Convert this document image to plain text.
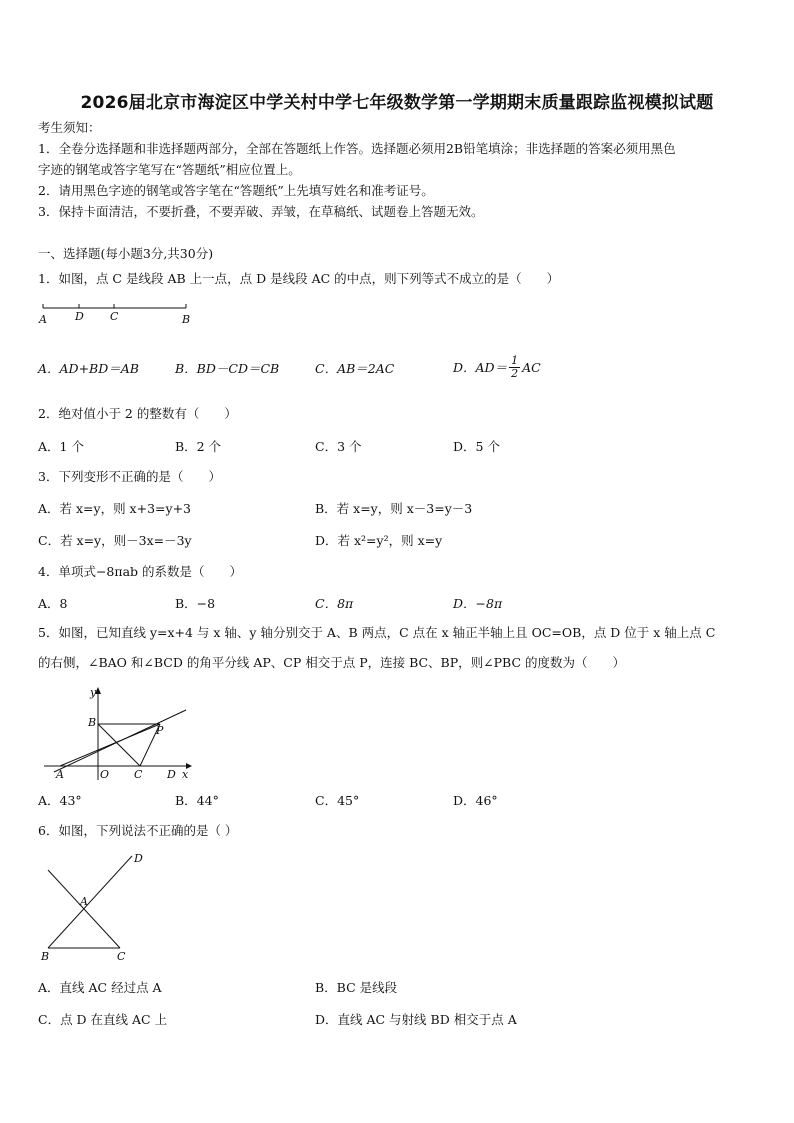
2026届北京市海淀区中学关村中学七年级数学第一学期期末质量跟踪监视模拟试题
考生须知：
1．全卷分选择题和非选择题两部分，全部在答题纸上作答。选择题必须用2B铅笔填涂；非选择题的答案必须用黑色
字迹的钢笔或答字笔写在“答题纸”相应位置上。
2．请用黑色字迹的钢笔或答字笔在“答题纸”上先填写姓名和准考证号。
3．保持卡面清洁，不要折叠，不要弄破、弄皱，在草稿纸、试题卷上答题无效。
一、选择题(每小题3分,共30分)
1．如图，点 C 是线段 AB 上一点，点 D 是线段 AC 的中点，则下列等式不成立的是（　　）
A	D C	B
A．AD+BD＝AB	B．BD－CD＝CB	C．AB＝2AC	D．$AD= \frac{1}{2}$ AC
2．绝对值小于 2 的整数有（　　）
A．1 个	B．2 个	C．3 个	D．5 个
3．下列变形不正确的是（　　）
A．若 x=y，则 x+3=y+3	B．若 x=y，则 x－3=y－3
C．若 x=y，则－3x=－3y	D．若 x²=y²，则 x=y
4．单项式−8πab 的系数是（　　）
A．8	B．−8	C．8π	D．−8π
5．如图，已知直线 y=x+4 与 x 轴、y 轴分别交于 A、B 两点，C 点在 x 轴正半轴上且 OC=OB，点 D 位于 x 轴上点 C
的右侧，∠BAO 和∠BCD 的角平分线 AP、CP 相交于点 P，连接 BC、BP，则∠PBC 的度数为（　　）
y
x
B
P
A	O C D
A．43°	B．44°	C．45°	D．46°
6．如图，下列说法不正确的是（ ）
D
A
B	C
A．直线 AC 经过点 A	B．BC 是线段
C．点 D 在直线 AC 上	D．直线 AC 与射线 BD 相交于点 A
